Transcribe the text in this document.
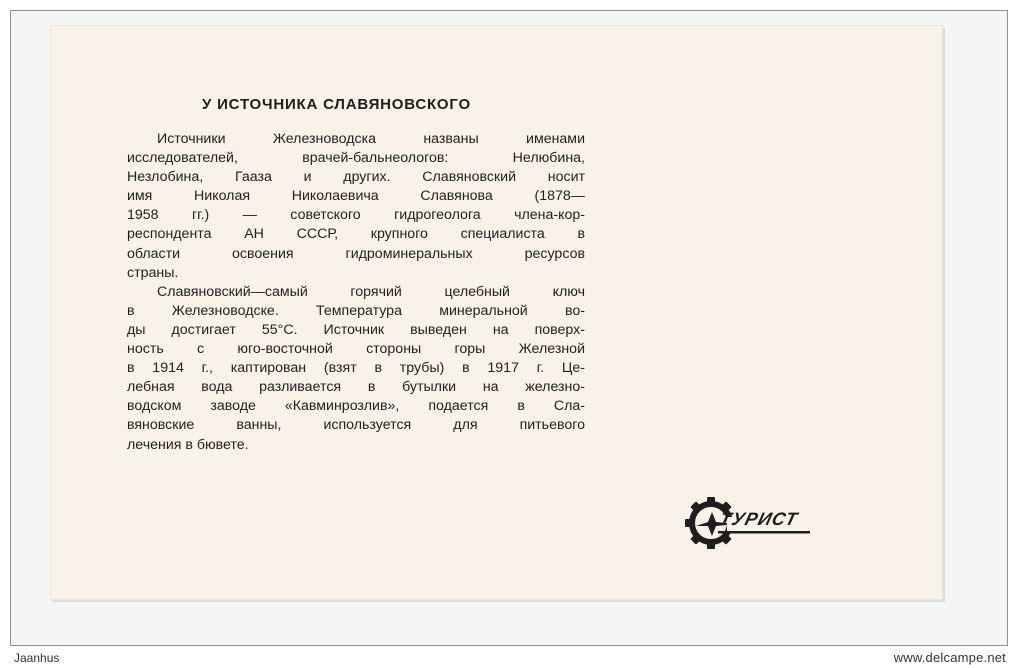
У ИСТОЧНИКА СЛАВЯНОВСКОГО
Источники Железноводска названы именами
исследователей, врачей-бальнеологов: Нелюбина,
Незлобина, Гааза и других. Славяновский носит
имя Николая Николаевича Славянова (1878—
1958 гг.) — советского гидрогеолога члена-кор-
респондента АН СССР, крупного специалиста в
области освоения гидроминеральных ресурсов
страны.
Славяновский—самый горячий целебный ключ
в Железноводске. Температура минеральной во-
ды достигает 55°С. Источник выведен на поверх-
ность с юго-восточной стороны горы Железной
в 1914 г., каптирован (взят в трубы) в 1917 г. Це-
лебная вода разливается в бутылки на железно-
водском заводе «Кавминрозлив», подается в Сла-
вяновские ванны, используется для питьевого
лечения в бювете.
ТУРИСТ
Jaanhus	www.delcampe.net
